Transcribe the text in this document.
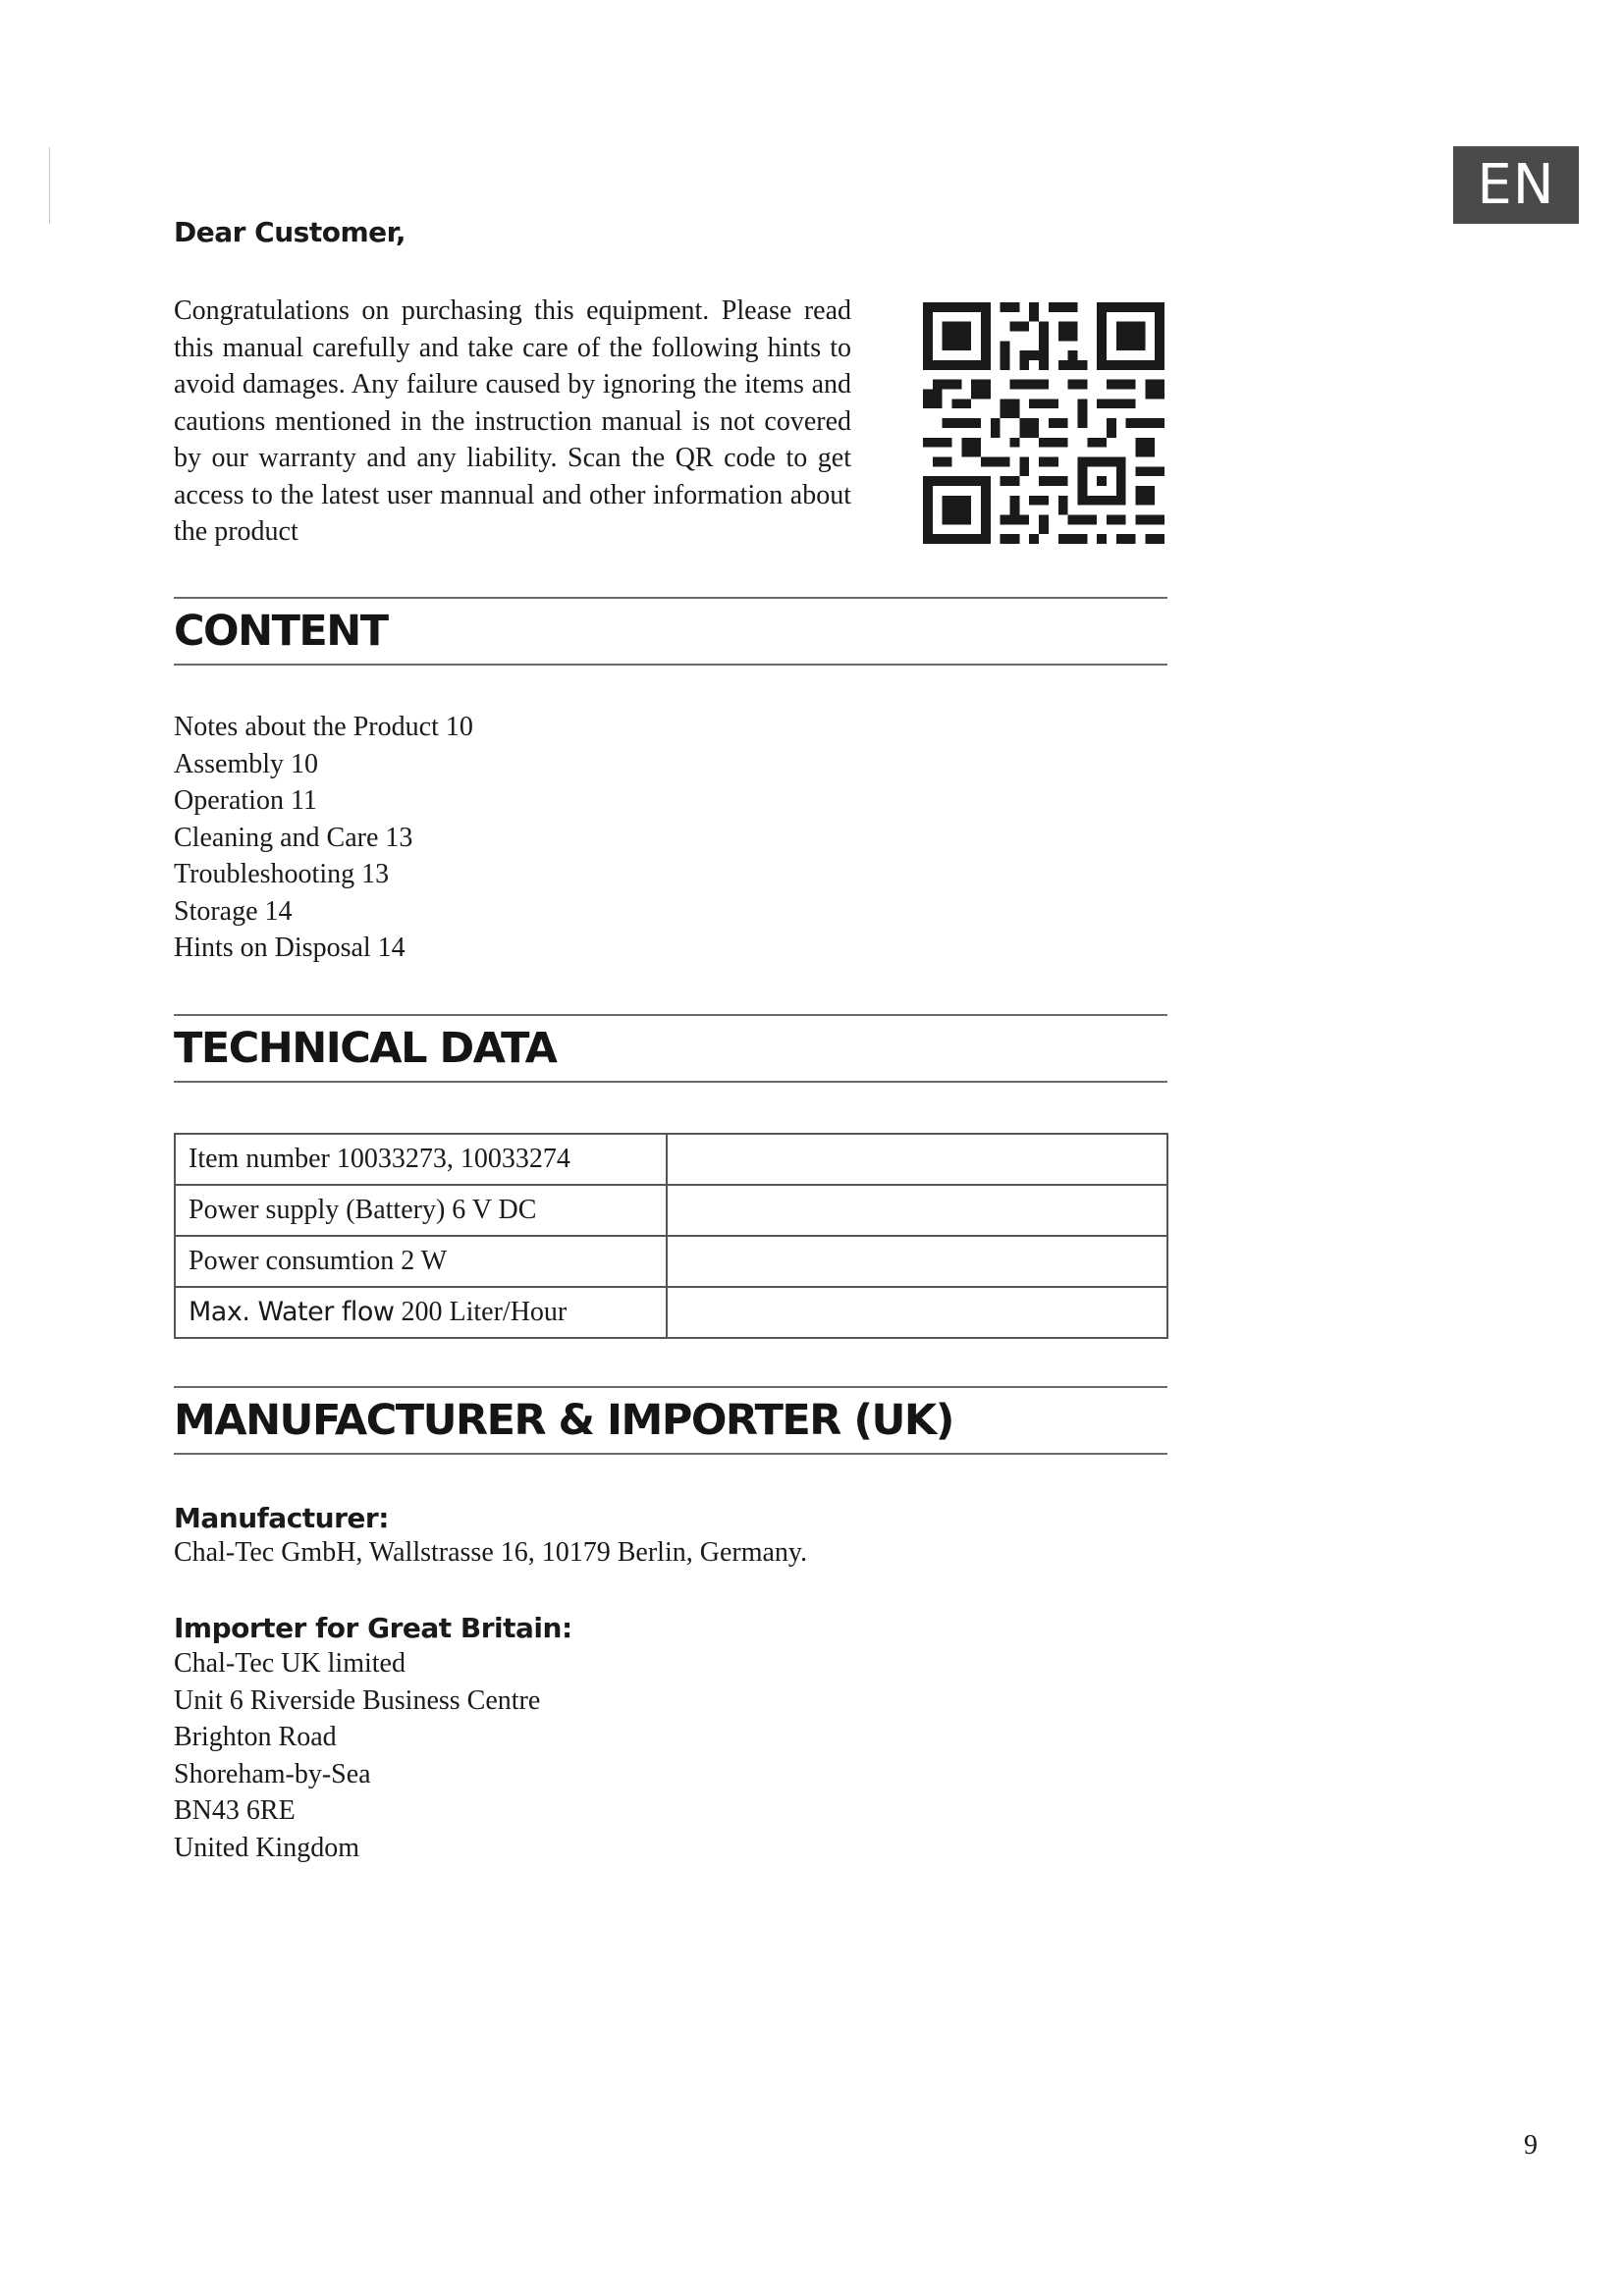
EN
Dear Customer,

Congratulations on purchasing this equipment. Please read this manual carefully and take care of the following hints to avoid damages. Any failure caused by ignoring the items and cautions mentioned in the instruction manual is not covered by our warranty and any liability. Scan the QR code to get access to the latest user mannual and other information about the product

CONTENT
Notes about the Product 10
Assembly 10
Operation 11
Cleaning and Care 13
Troubleshooting 13
Storage 14
Hints on Disposal 14
TECHNICAL DATA
Item number 10033273, 10033274	
Power supply (Battery) 6 V DC	
Power consumtion 2 W	
Max. Water flow 200 Liter/Hour	
MANUFACTURER & IMPORTER (UK)
Manufacturer:
Chal-Tec GmbH, Wallstrasse 16, 10179 Berlin, Germany.
Importer for Great Britain:
Chal-Tec UK limited
Unit 6 Riverside Business Centre
Brighton Road
Shoreham-by-Sea
BN43 6RE
United Kingdom
9
